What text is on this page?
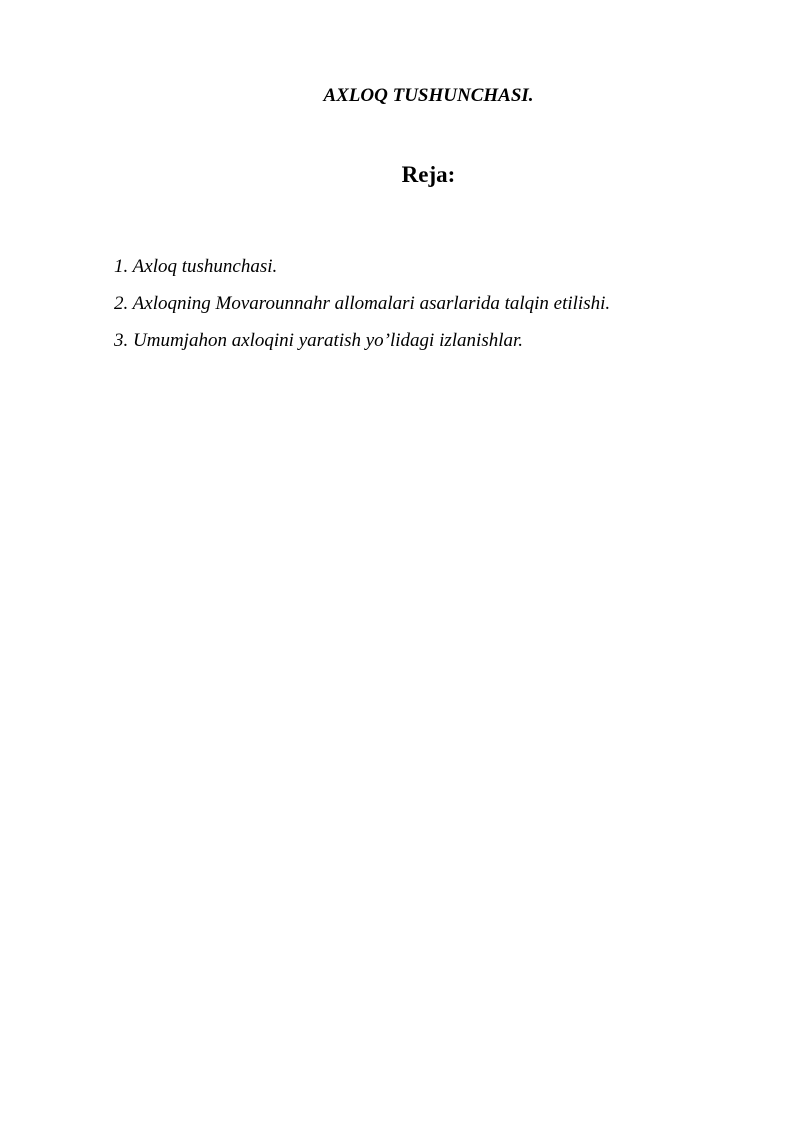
AXLOQ TUSHUNCHASI.
Reja:
1. Axloq tushunchasi.
2. Axloqning Movarounnahr allomalari asarlarida talqin etilishi.
3. Umumjahon axloqini yaratish yo’lidagi izlanishlar.
